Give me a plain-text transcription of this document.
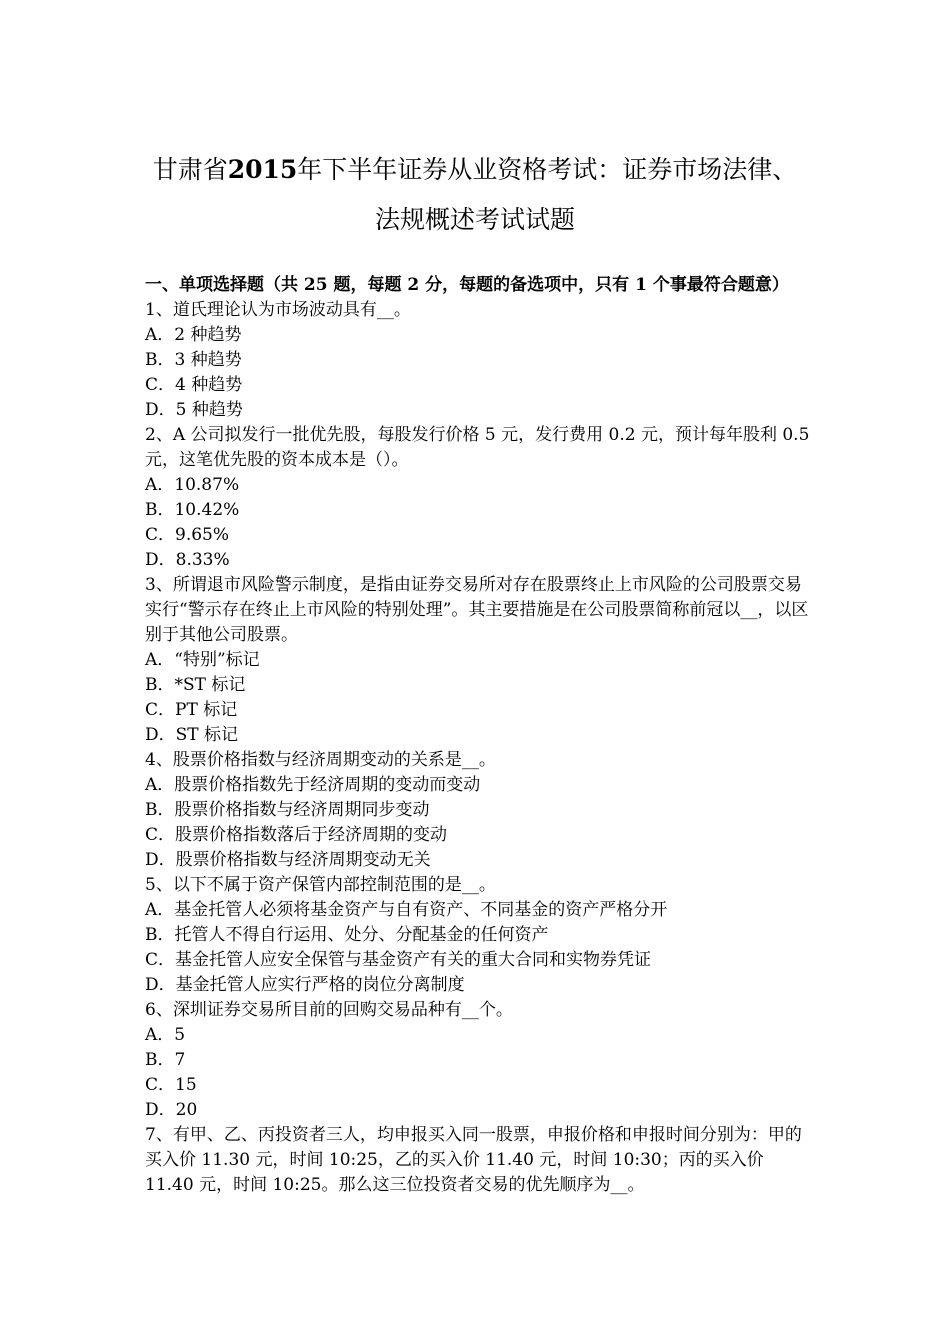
甘肃省2015年下半年证券从业资格考试：证券市场法律、
法规概述考试试题
一、单项选择题（共 25 题，每题 2 分，每题的备选项中，只有 1 个事最符合题意）
1、道氏理论认为市场波动具有__。
A．2 种趋势
B．3 种趋势
C．4 种趋势
D．5 种趋势
2、A 公司拟发行一批优先股，每股发行价格 5 元，发行费用 0.2 元，预计每年股利 0.5 元，这笔优先股的资本成本是（）。
A．10.87%
B．10.42%
C．9.65%
D．8.33%
3、所谓退市风险警示制度，是指由证券交易所对存在股票终止上市风险的公司股票交易实行“警示存在终止上市风险的特别处理”。其主要措施是在公司股票简称前冠以__，以区别于其他公司股票。
A．“特别”标记
B．*ST 标记
C．PT 标记
D．ST 标记
4、股票价格指数与经济周期变动的关系是__。
A．股票价格指数先于经济周期的变动而变动
B．股票价格指数与经济周期同步变动
C．股票价格指数落后于经济周期的变动
D．股票价格指数与经济周期变动无关
5、以下不属于资产保管内部控制范围的是__。
A．基金托管人必须将基金资产与自有资产、不同基金的资产严格分开
B．托管人不得自行运用、处分、分配基金的任何资产
C．基金托管人应安全保管与基金资产有关的重大合同和实物券凭证
D．基金托管人应实行严格的岗位分离制度
6、深圳证券交易所目前的回购交易品种有__个。
A．5
B．7
C．15
D．20
7、有甲、乙、丙投资者三人，均申报买入同一股票，申报价格和申报时间分别为：甲的买入价 11.30 元，时间 10:25，乙的买入价 11.40 元，时间 10:30；丙的买入价 11.40 元，时间 10:25。那么这三位投资者交易的优先顺序为__。
